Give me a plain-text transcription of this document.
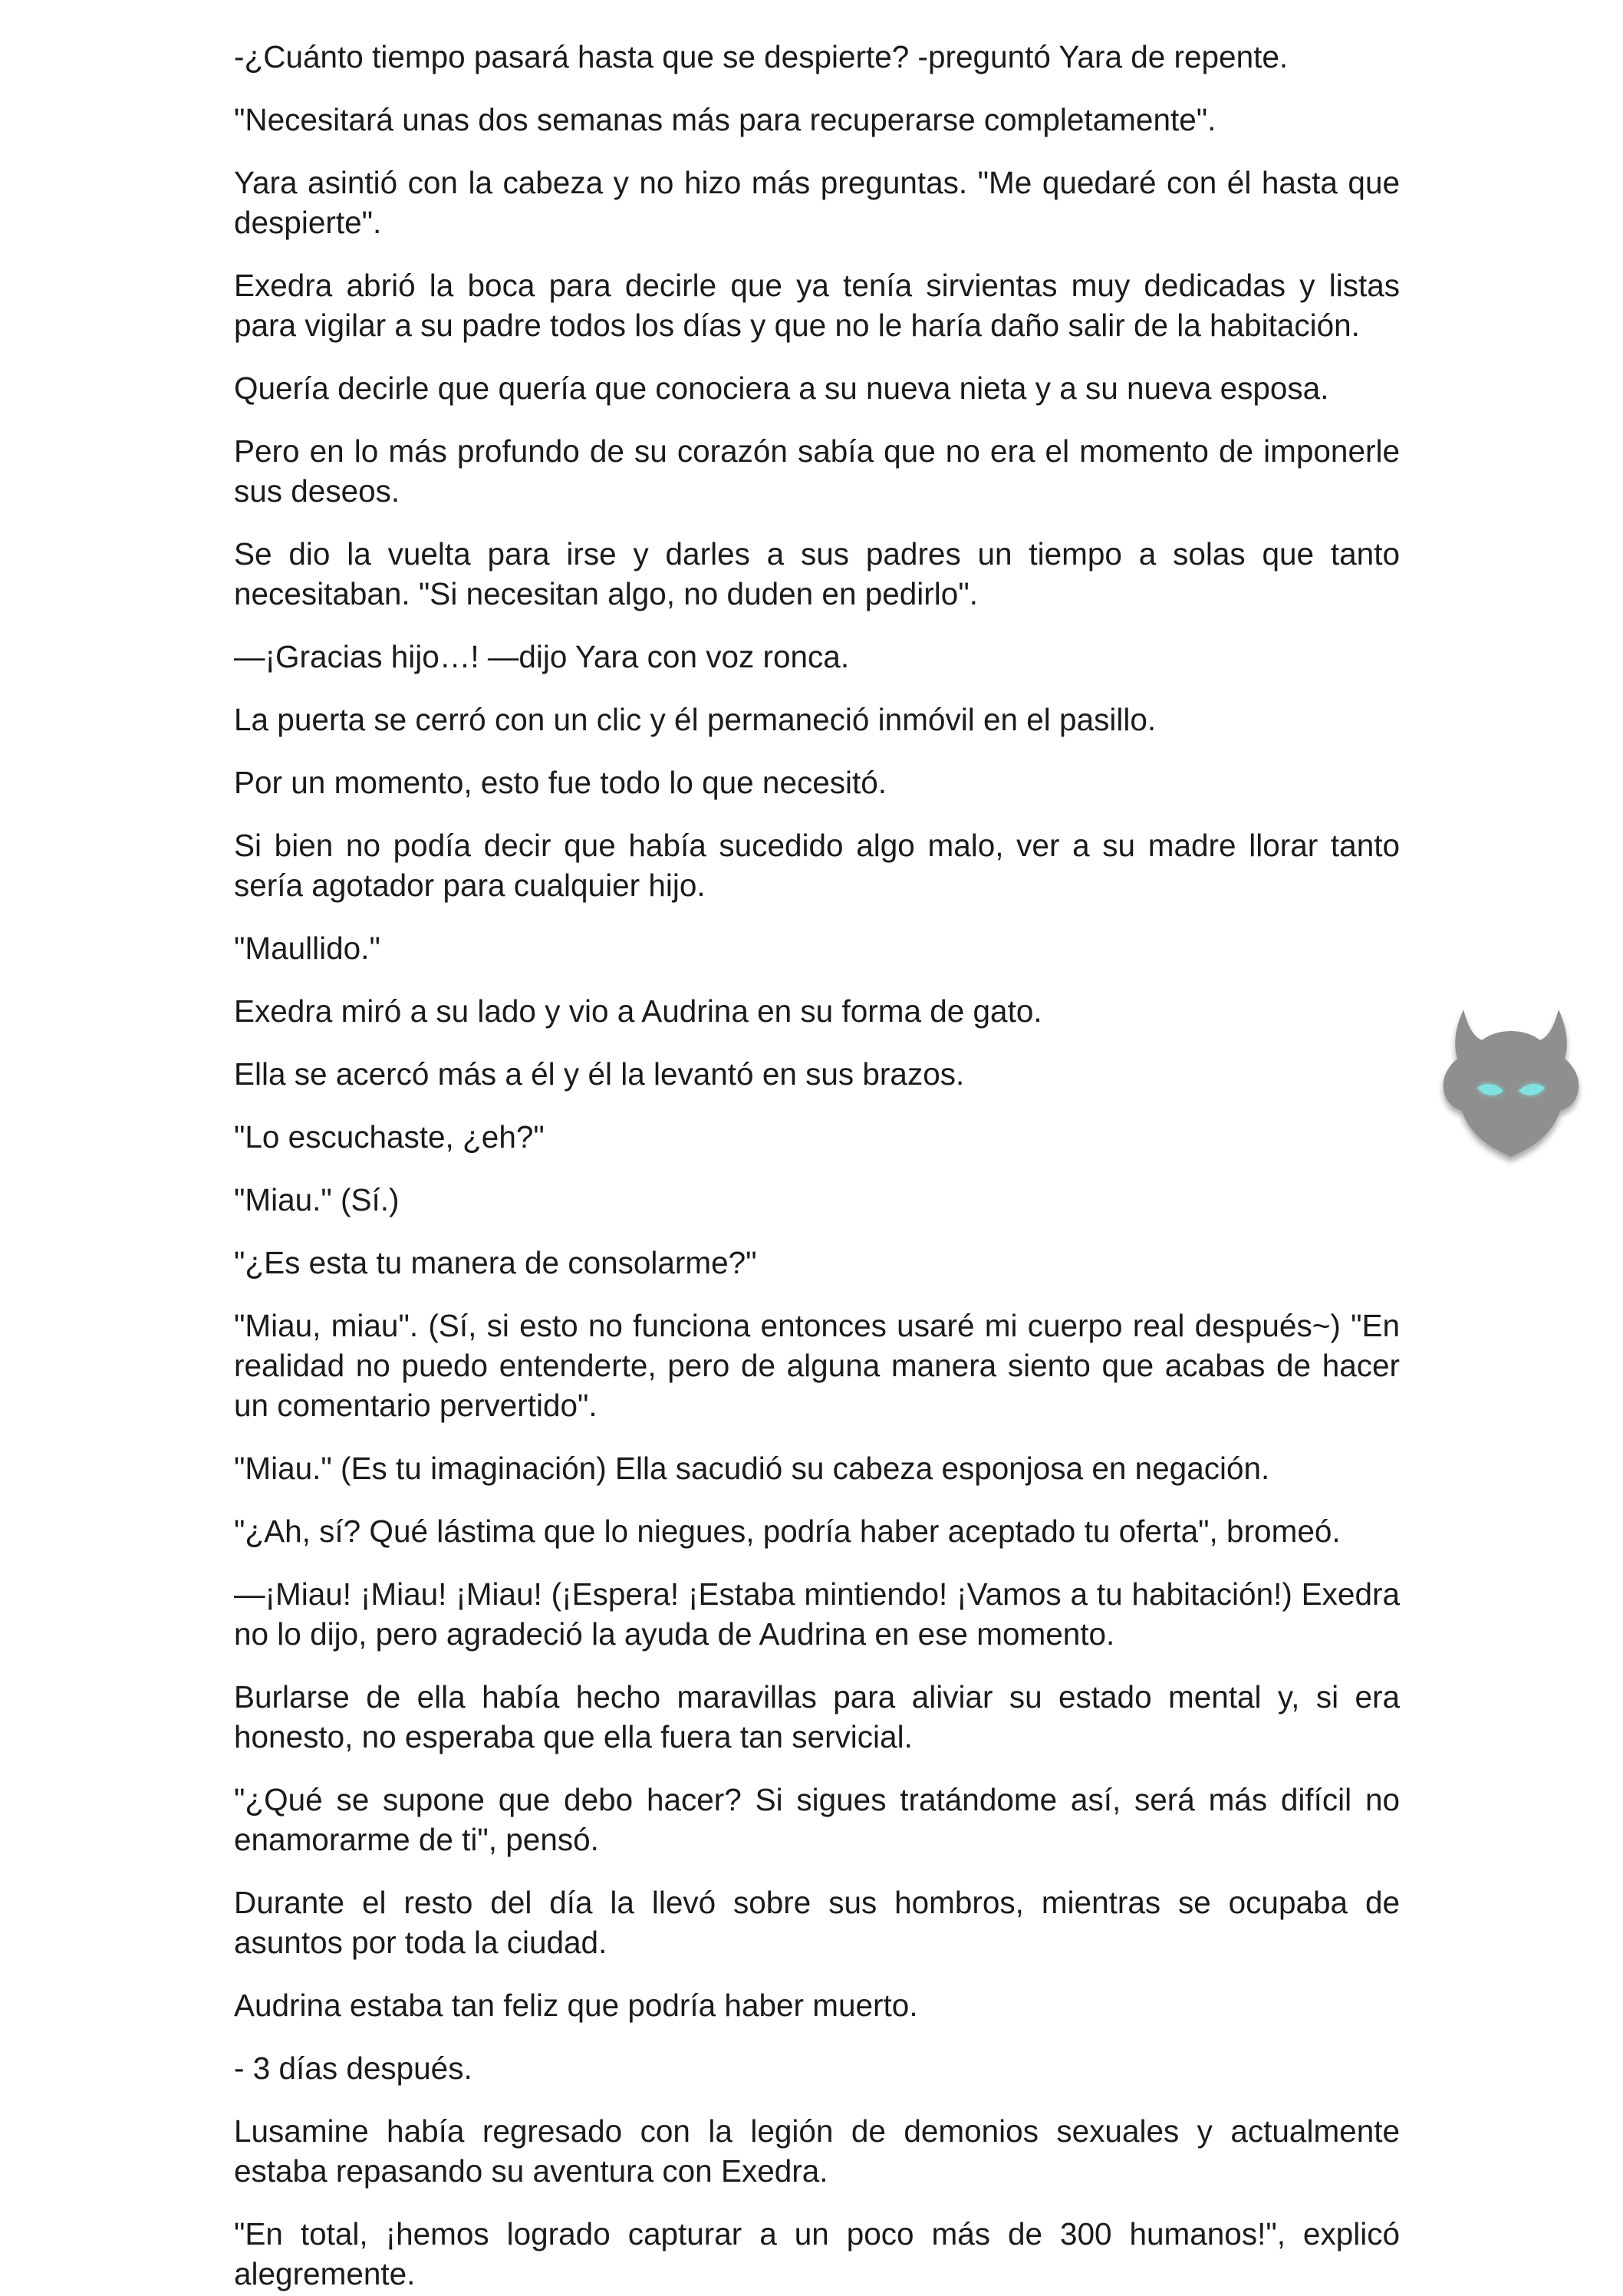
-¿Cuánto tiempo pasará hasta que se despierte? -preguntó Yara de repente.

"Necesitará unas dos semanas más para recuperarse completamente".

Yara asintió con la cabeza y no hizo más preguntas. "Me quedaré con él hasta que despierte".

Exedra abrió la boca para decirle que ya tenía sirvientas muy dedicadas y listas para vigilar a su padre todos los días y que no le haría daño salir de la habitación.

Quería decirle que quería que conociera a su nueva nieta y a su nueva esposa.

Pero en lo más profundo de su corazón sabía que no era el momento de imponerle sus deseos.

Se dio la vuelta para irse y darles a sus padres un tiempo a solas que tanto necesitaban. "Si necesitan algo, no duden en pedirlo".

—¡Gracias hijo…! —dijo Yara con voz ronca.

La puerta se cerró con un clic y él permaneció inmóvil en el pasillo.

Por un momento, esto fue todo lo que necesitó.

Si bien no podía decir que había sucedido algo malo, ver a su madre llorar tanto sería agotador para cualquier hijo.

"Maullido."

Exedra miró a su lado y vio a Audrina en su forma de gato.

Ella se acercó más a él y él la levantó en sus brazos.

"Lo escuchaste, ¿eh?"

"Miau." (Sí.)

"¿Es esta tu manera de consolarme?"

"Miau, miau". (Sí, si esto no funciona entonces usaré mi cuerpo real después~) "En realidad no puedo entenderte, pero de alguna manera siento que acabas de hacer un comentario pervertido".

"Miau." (Es tu imaginación) Ella sacudió su cabeza esponjosa en negación.

"¿Ah, sí? Qué lástima que lo niegues, podría haber aceptado tu oferta", bromeó.

—¡Miau! ¡Miau! ¡Miau! (¡Espera! ¡Estaba mintiendo! ¡Vamos a tu habitación!) Exedra no lo dijo, pero agradeció la ayuda de Audrina en ese momento.

Burlarse de ella había hecho maravillas para aliviar su estado mental y, si era honesto, no esperaba que ella fuera tan servicial.

"¿Qué se supone que debo hacer? Si sigues tratándome así, será más difícil no enamorarme de ti", pensó.

Durante el resto del día la llevó sobre sus hombros, mientras se ocupaba de asuntos por toda la ciudad.

Audrina estaba tan feliz que podría haber muerto.

- 3 días después.

Lusamine había regresado con la legión de demonios sexuales y actualmente estaba repasando su aventura con Exedra.

"En total, ¡hemos logrado capturar a un poco más de 300 humanos!", explicó alegremente.
